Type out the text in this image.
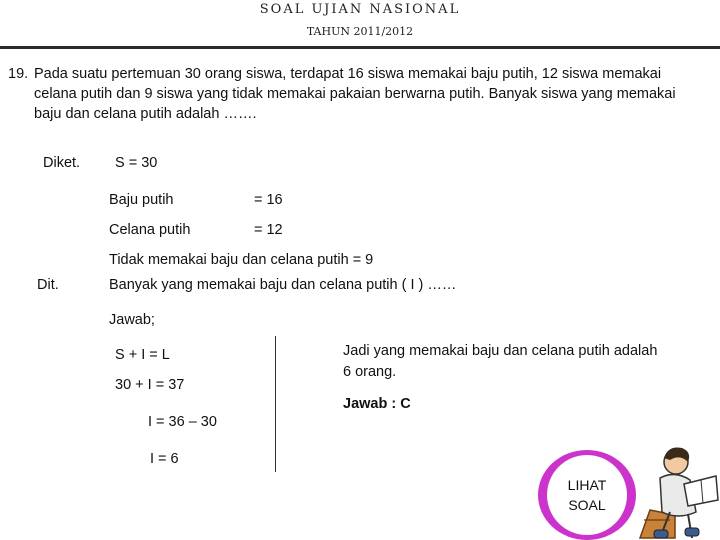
SOAL UJIAN NASIONAL
TAHUN 2011/2012
19. Pada suatu pertemuan 30 orang siswa, terdapat 16 siswa memakai baju putih, 12 siswa memakai celana putih dan 9 siswa yang tidak memakai pakaian berwarna putih. Banyak siswa yang memakai baju dan celana putih adalah …….
Diket. S = 30
Baju putih	= 16
Celana putih	= 12
Dit.
Tidak memakai baju dan celana putih = 9
Banyak yang memakai baju dan celana putih ( I ) ……
Jawab;
S + I = L
30 + I = 37
I = 36 – 30
I = 6
Jadi yang memakai baju dan celana putih adalah 6 orang.
Jawab : C
LIHAT
SOAL
